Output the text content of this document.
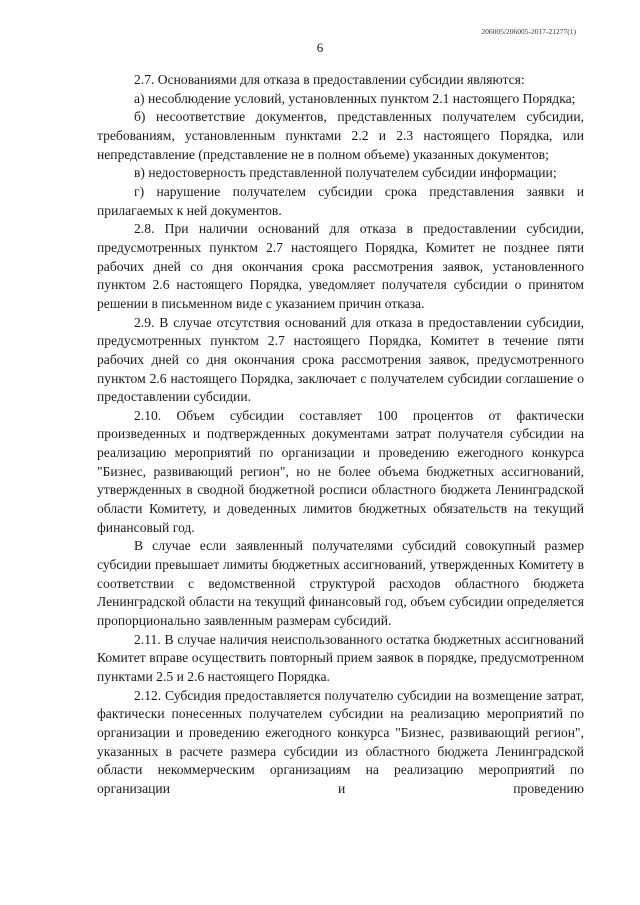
206005/206005-2017-21277(1)
6

2.7. Основаниями для отказа в предоставлении субсидии являются:

а) несоблюдение условий, установленных пунктом 2.1 настоящего Порядка;

б) несоответствие документов, представленных получателем субсидии, требованиям, установленным пунктами 2.2 и 2.3 настоящего Порядка, или непредставление (представление не в полном объеме) указанных документов;

в) недостоверность представленной получателем субсидии информации;

г) нарушение получателем субсидии срока представления заявки и прилагаемых к ней документов.

2.8. При наличии оснований для отказа в предоставлении субсидии, предусмотренных пунктом 2.7 настоящего Порядка, Комитет не позднее пяти рабочих дней со дня окончания срока рассмотрения заявок, установленного пунктом 2.6 настоящего Порядка, уведомляет получателя субсидии о принятом решении в письменном виде с указанием причин отказа.

2.9. В случае отсутствия оснований для отказа в предоставлении субсидии, предусмотренных пунктом 2.7 настоящего Порядка, Комитет в течение пяти рабочих дней со дня окончания срока рассмотрения заявок, предусмотренного пунктом 2.6 настоящего Порядка, заключает с получателем субсидии соглашение о предоставлении субсидии.

2.10. Объем субсидии составляет 100 процентов от фактически произведенных и подтвержденных документами затрат получателя субсидии на реализацию мероприятий по организации и проведению ежегодного конкурса "Бизнес, развивающий регион", но не более объема бюджетных ассигнований, утвержденных в сводной бюджетной росписи областного бюджета Ленинградской области Комитету, и доведенных лимитов бюджетных обязательств на текущий финансовый год.

В случае если заявленный получателями субсидий совокупный размер субсидии превышает лимиты бюджетных ассигнований, утвержденных Комитету в соответствии с ведомственной структурой расходов областного бюджета Ленинградской области на текущий финансовый год, объем субсидии определяется пропорционально заявленным размерам субсидий.

2.11. В случае наличия неиспользованного остатка бюджетных ассигнований Комитет вправе осуществить повторный прием заявок в порядке, предусмотренном пунктами 2.5 и 2.6 настоящего Порядка.

2.12. Субсидия предоставляется получателю субсидии на возмещение затрат, фактически понесенных получателем субсидии на реализацию мероприятий по организации и проведению ежегодного конкурса "Бизнес, развивающий регион", указанных в расчете размера субсидии из областного бюджета Ленинградской области некоммерческим организациям на реализацию мероприятий по организации и проведению
